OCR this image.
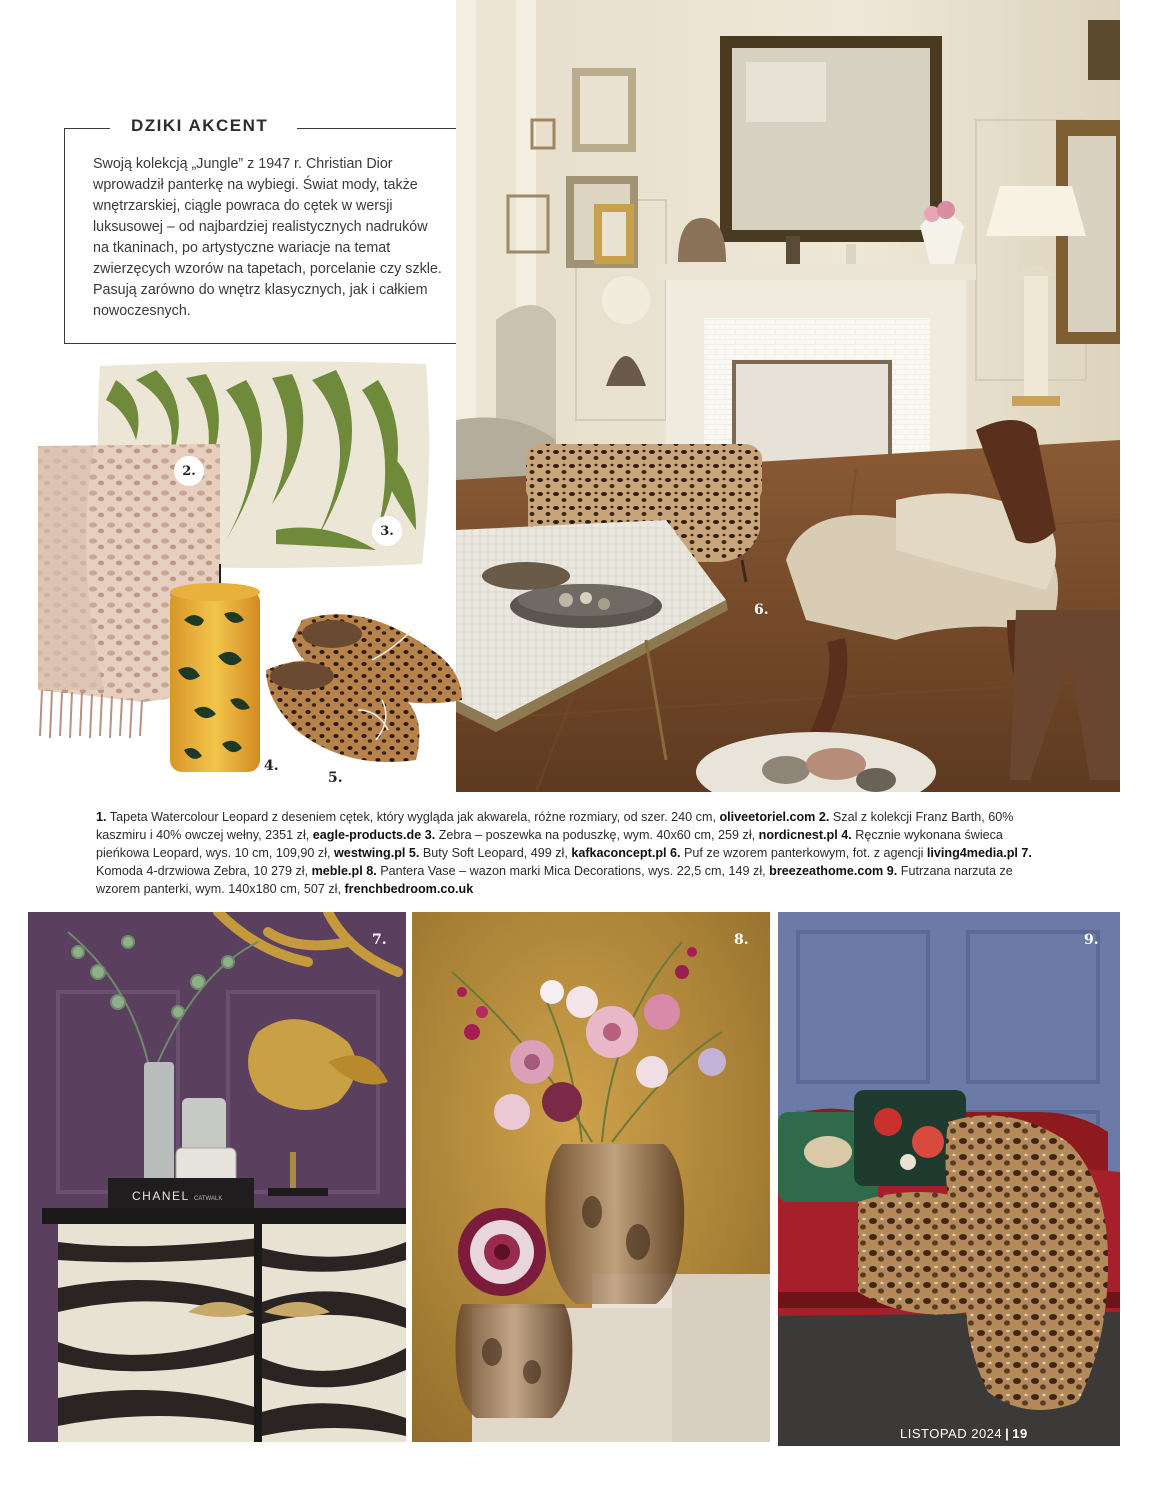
DZIKI AKCENT

Swoją kolekcją „Jungle” z 1947 r. Christian Dior wprowadził panterkę na wybiegi. Świat mody, także wnętrzarskiej, ciągle powraca do cętek w wersji luksusowej – od najbardziej realistycznych nadruków na tkaninach, po artystyczne wariacje na temat zwierzęcych wzorów na tapetach, porcelanie czy szkle. Pasują zarówno do wnętrz klasycznych, jak i całkiem nowoczesnych.

6.
3.
2.
4.
5.
1. Tapeta Watercolour Leopard z deseniem cętek, który wygląda jak akwarela, różne rozmiary, od szer. 240 cm, oliveetoriel.com 2. Szal z kolekcji Franz Barth, 60% kaszmiru i 40% owczej wełny, 2351 zł, eagle-products.de 3. Zebra – poszewka na poduszkę, wym. 40x60 cm, 259 zł, nordicnest.pl 4. Ręcznie wykonana świeca pieńkowa Leopard, wys. 10 cm, 109,90 zł, westwing.pl 5. Buty Soft Leopard, 499 zł, kafkaconcept.pl 6. Puf ze wzorem panterkowym, fot. z agencji living4media.pl 7. Komoda 4-drzwiowa Zebra, 10 279 zł, meble.pl 8. Pantera Vase – wazon marki Mica Decorations, wys. 22,5 cm, 149 zł, breezeathome.com 9. Futrzana narzuta ze wzorem panterki, wym. 140x180 cm, 507 zł, frenchbedroom.co.uk
CHANEL CATWALK
7.	8.	9.
LISTOPAD 2024 | 19
